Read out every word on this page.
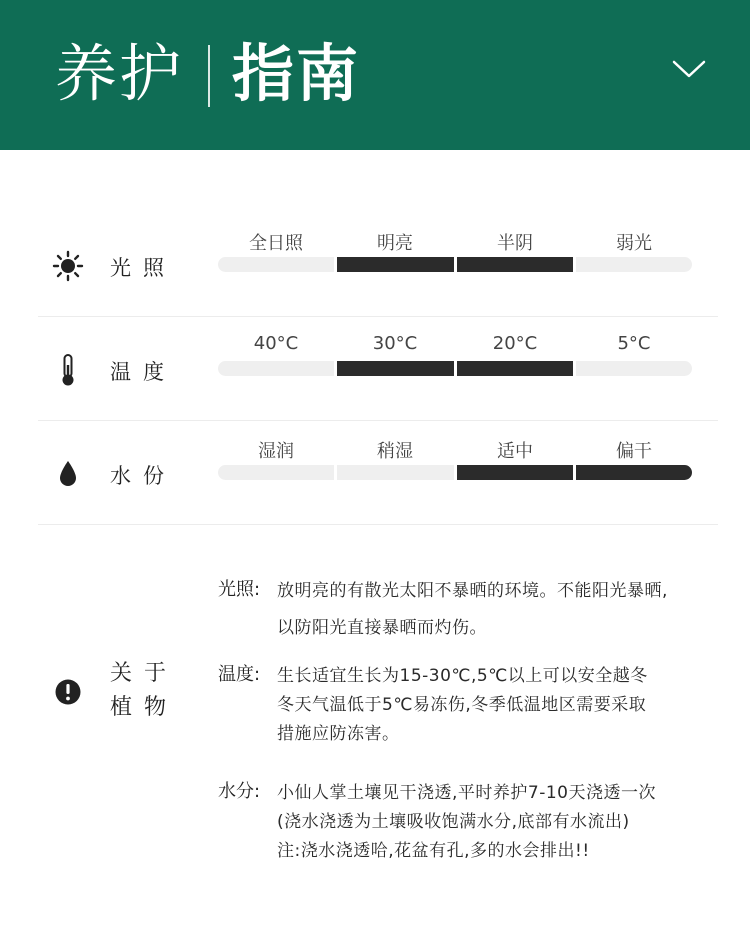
养护 指南
光照
全日照	明亮	半阴	弱光
温度
40°C	30°C	20°C	5°C
水份
湿润	稍湿	适中	偏干
关于
植物
光照: 放明亮的有散光太阳不暴晒的环境。不能阳光暴晒,
以防阳光直接暴晒而灼伤。
温度: 生长适宜生长为15-30℃,5℃以上可以安全越冬
冬天气温低于5℃易冻伤,冬季低温地区需要采取
措施应防冻害。
水分: 小仙人掌土壤见干浇透,平时养护7-10天浇透一次
(浇水浇透为土壤吸收饱满水分,底部有水流出)
注:浇水浇透哈,花盆有孔,多的水会排出!!
